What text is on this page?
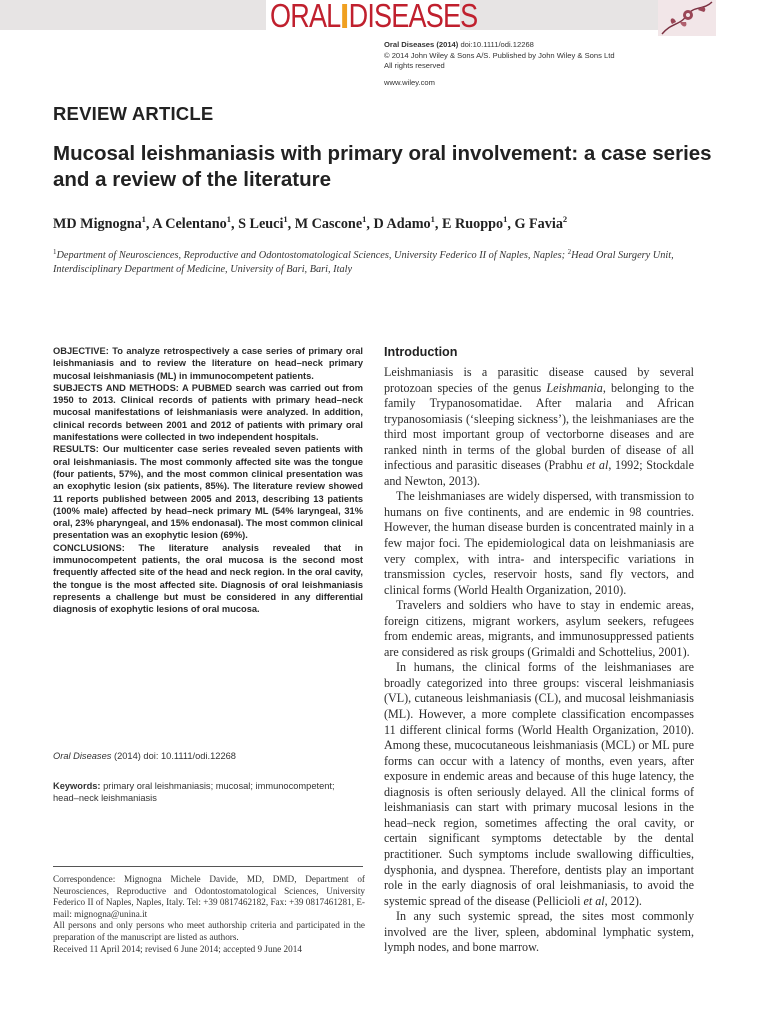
ORAL DISEASES
Oral Diseases (2014) doi:10.1111/odi.12268
© 2014 John Wiley & Sons A/S. Published by John Wiley & Sons Ltd
All rights reserved
www.wiley.com
REVIEW ARTICLE
Mucosal leishmaniasis with primary oral involvement: a case series and a review of the literature
MD Mignogna$^1$, A Celentano$^1$, S Leuci$^1$, M Cascone$^1$, D Adamo$^1$, E Ruoppo$^1$, G Favia$^2$
$^1$Department of Neurosciences, Reproductive and Odontostomatological Sciences, University Federico II of Naples, Naples; $^2$Head Oral Surgery Unit, Interdisciplinary Department of Medicine, University of Bari, Bari, Italy

OBJECTIVE: To analyze retrospectively a case series of primary oral leishmaniasis and to review the literature on head–neck primary mucosal leishmaniasis (ML) in immunocompetent patients.

SUBJECTS AND METHODS: A PUBMED search was carried out from 1950 to 2013. Clinical records of patients with primary head–neck mucosal manifestations of leishmaniasis were analyzed. In addition, clinical records between 2001 and 2012 of patients with primary oral manifestations were collected in two independent hospitals.

RESULTS: Our multicenter case series revealed seven patients with oral leishmaniasis. The most commonly affected site was the tongue (four patients, 57%), and the most common clinical presentation was an exophytic lesion (six patients, 85%). The literature review showed 11 reports published between 2005 and 2013, describing 13 patients (100% male) affected by head–neck primary ML (54% laryngeal, 31% oral, 23% pharyngeal, and 15% endonasal). The most common clinical presentation was an exophytic lesion (69%).

CONCLUSIONS: The literature analysis revealed that in immunocompetent patients, the oral mucosa is the second most frequently affected site of the head and neck region. In the oral cavity, the tongue is the most affected site. Diagnosis of oral leishmaniasis represents a challenge but must be considered in any differential diagnosis of exophytic lesions of oral mucosa.

Oral Diseases (2014) doi: 10.1111/odi.12268
Keywords: primary oral leishmaniasis; mucosal; immunocompetent; head–neck leishmaniasis

Correspondence: Mignogna Michele Davide, MD, DMD, Department of Neurosciences, Reproductive and Odontostomatological Sciences, University Federico II of Naples, Naples, Italy. Tel: +39 0817462182, Fax: +39 0817461281, E-mail: mignogna@unina.it

All persons and only persons who meet authorship criteria and participated in the preparation of the manuscript are listed as authors.

Received 11 April 2014; revised 6 June 2014; accepted 9 June 2014

Introduction

Leishmaniasis is a parasitic disease caused by several protozoan species of the genus Leishmania, belonging to the family Trypanosomatidae. After malaria and African trypanosomiasis (‘sleeping sickness’), the leishmaniases are the third most important group of vectorborne diseases and are ranked ninth in terms of the global burden of disease of all infectious and parasitic diseases (Prabhu et al, 1992; Stockdale and Newton, 2013).

The leishmaniases are widely dispersed, with transmission to humans on five continents, and are endemic in 98 countries. However, the human disease burden is concentrated mainly in a few major foci. The epidemiological data on leishmaniasis are very complex, with intra- and interspecific variations in transmission cycles, reservoir hosts, sand fly vectors, and clinical forms (World Health Organization, 2010).

Travelers and soldiers who have to stay in endemic areas, foreign citizens, migrant workers, asylum seekers, refugees from endemic areas, migrants, and immunosuppressed patients are considered as risk groups (Grimaldi and Schottelius, 2001).

In humans, the clinical forms of the leishmaniases are broadly categorized into three groups: visceral leishmaniasis (VL), cutaneous leishmaniasis (CL), and mucosal leishmaniasis (ML). However, a more complete classification encompasses 11 different clinical forms (World Health Organization, 2010). Among these, mucocutaneous leishmaniasis (MCL) or ML pure forms can occur with a latency of months, even years, after exposure in endemic areas and because of this huge latency, the diagnosis is often seriously delayed. All the clinical forms of leishmaniasis can start with primary mucosal lesions in the head–neck region, sometimes affecting the oral cavity, or certain significant symptoms detectable by the dental practitioner. Such symptoms include swallowing difficulties, dysphonia, and dyspnea. Therefore, dentists play an important role in the early diagnosis of oral leishmaniasis, to avoid the systemic spread of the disease (Pellicioli et al, 2012).

In any such systemic spread, the sites most commonly involved are the liver, spleen, abdominal lymphatic system, lymph nodes, and bone marrow.
